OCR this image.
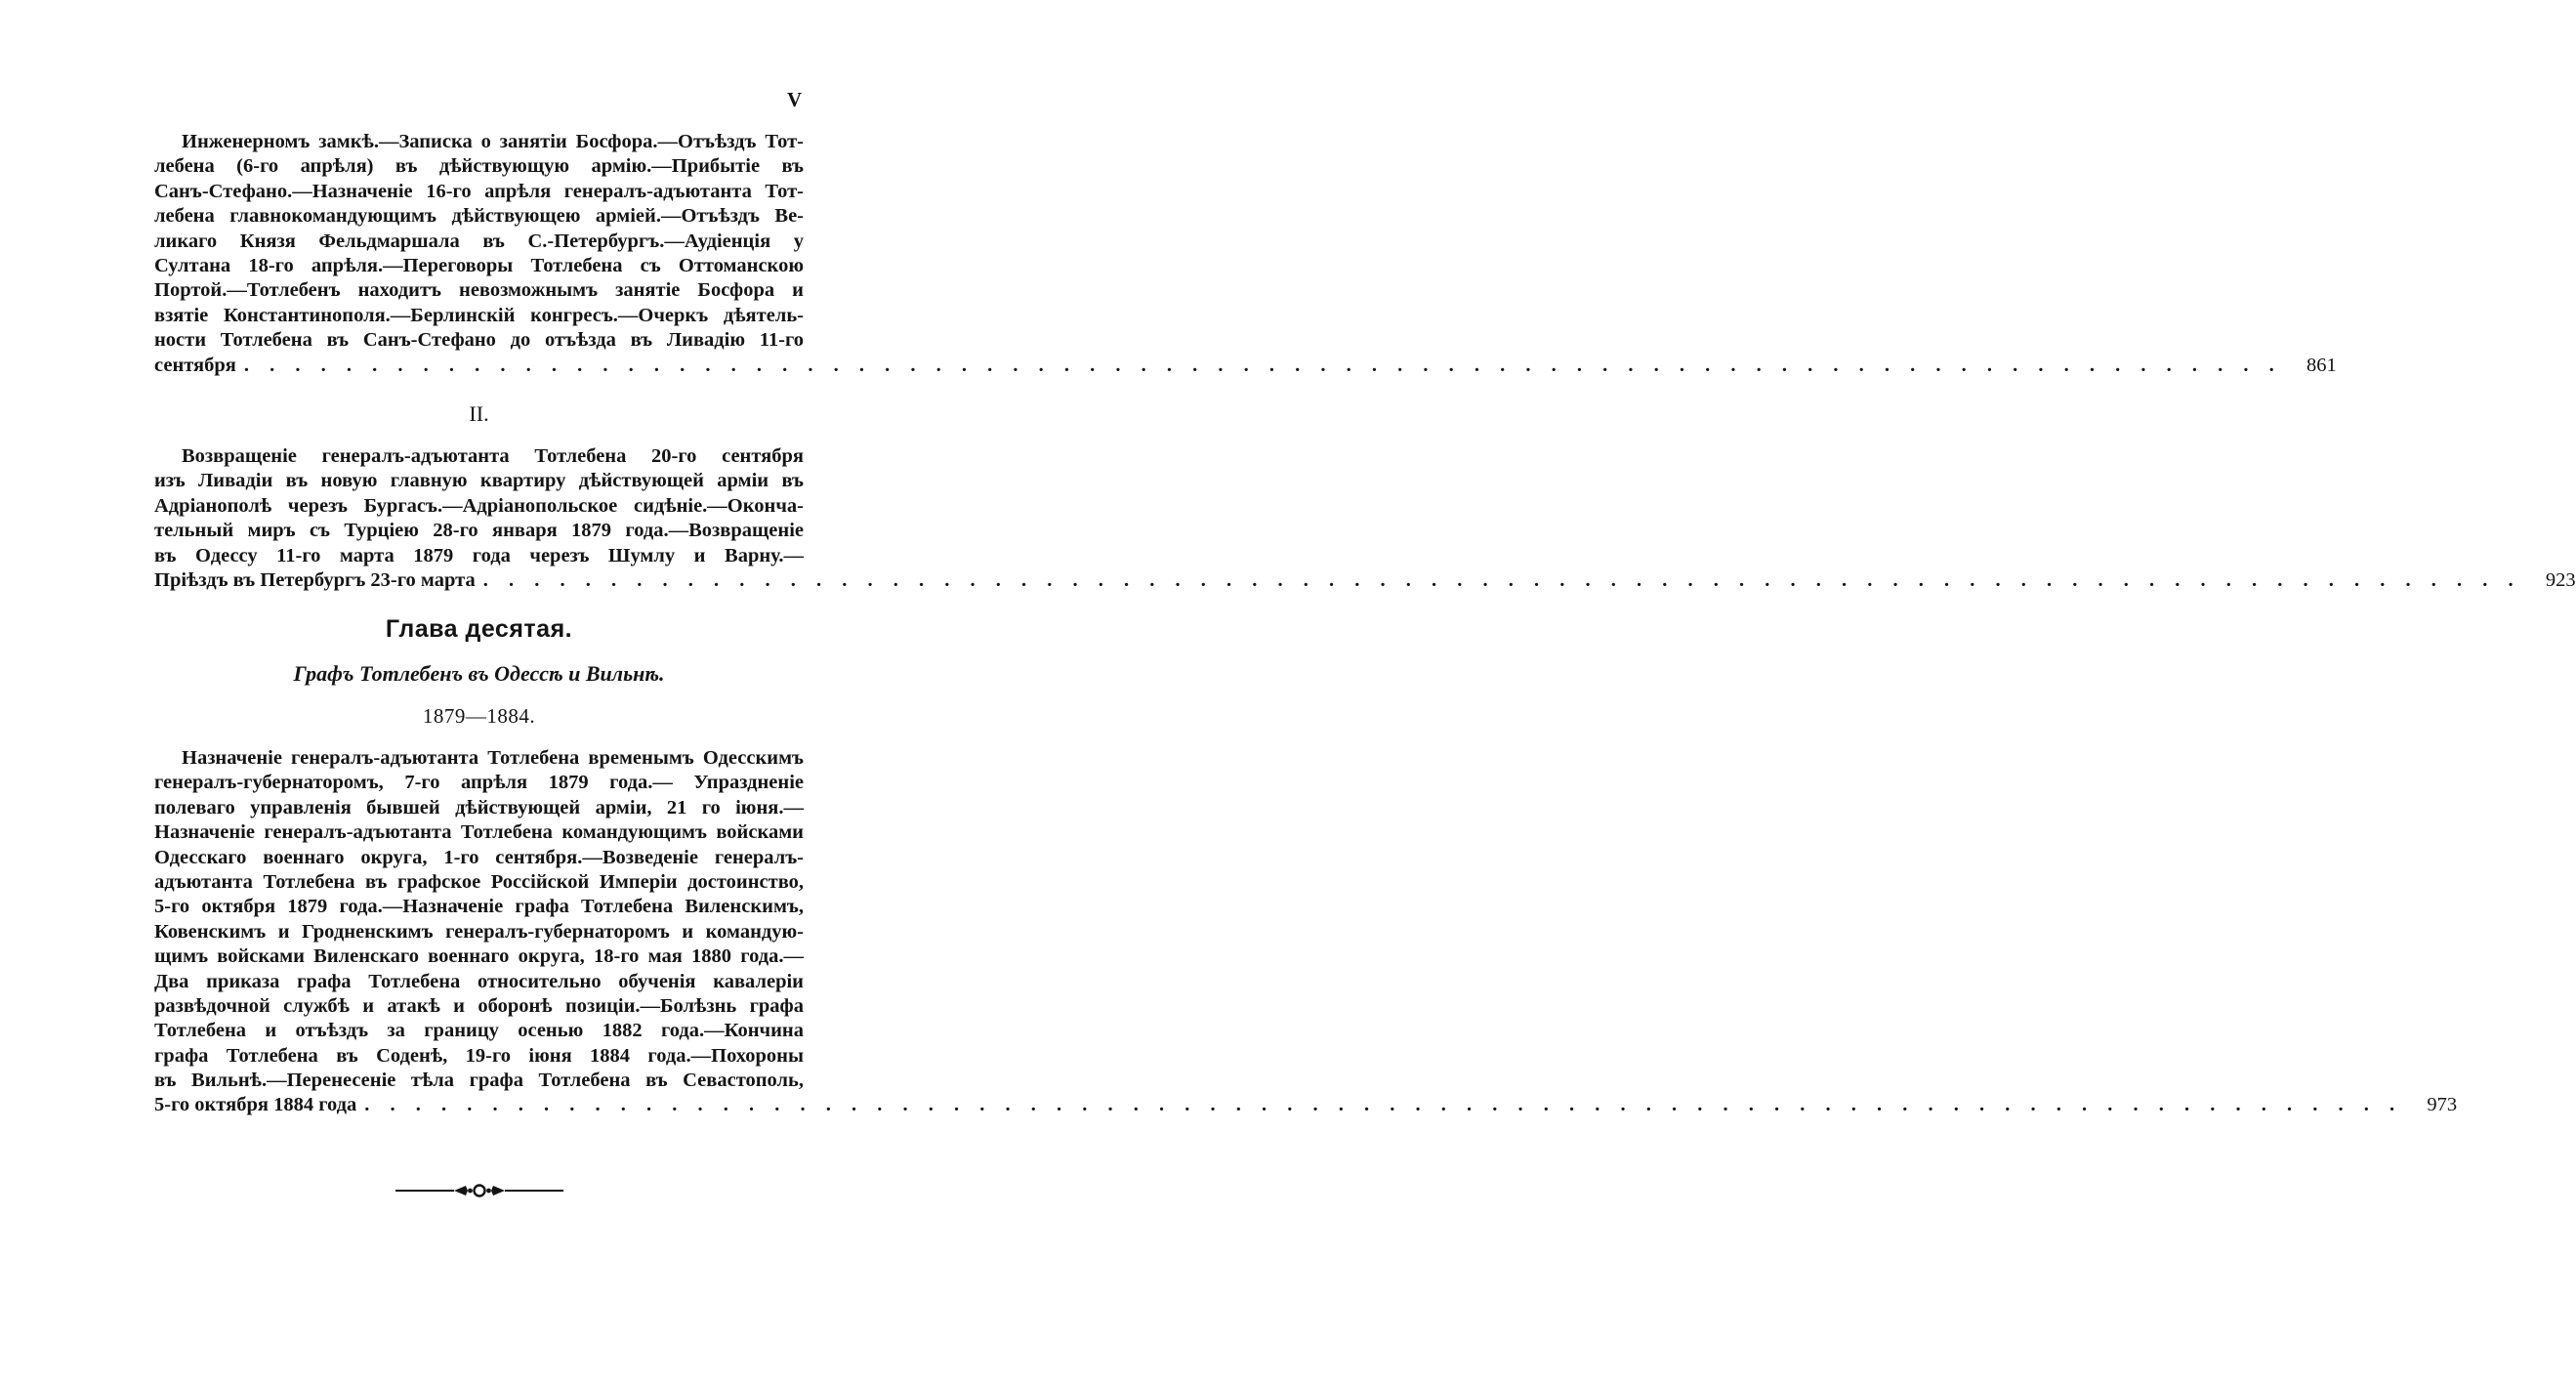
V
Инженерномъ замкѣ.—Записка о занятіи Босфора.—Отъѣздъ Тот-
лебена (6-го апрѣля) въ дѣйствующую армію.—Прибытіе въ
Санъ-Стефано.—Назначеніе 16-го апрѣля генералъ-адъютанта Тот-
лебена главнокомандующимъ дѣйствующею арміей.—Отъѣздъ Ве-
ликаго Князя Фельдмаршала въ С.-Петербургъ.—Аудіенція у
Султана 18-го апрѣля.—Переговоры Тотлебена съ Оттоманскою
Портой.—Тотлебенъ находитъ невозможнымъ занятіе Босфора и
взятіе Константинополя.—Берлинскій конгресъ.—Очеркъ дѣятель-
ности Тотлебена въ Санъ-Стефано до отъѣзда въ Ливадію 11-го
сентября . . . . . . . . . . . . . . . . . . . . . . . . . . . . . . . . . . . . . . . . . . . . . . . . . . . . . . . . . . . . . . . . . . . . . . . . . . . . . . . .	861
II.
Возвращеніе генералъ-адъютанта Тотлебена 20-го сентября
изъ Ливадіи въ новую главную квартиру дѣйствующей арміи въ
Адріанополѣ черезъ Бургасъ.—Адріанопольское сидѣніе.—Оконча-
тельный миръ съ Турціею 28-го января 1879 года.—Возвращеніе
въ Одессу 11-го марта 1879 года черезъ Шумлу и Варну.—
Пріѣздъ въ Петербургъ 23-го марта . . . . . . . . . . . . . . . . . . . . . . . . . . . . . . . . . . . . . . . . . . . . . . . . . . . . . . . . . . . . . . . . . . . . . . . . . . . . . . . .	923
Глава десятая.
Графъ Тотлебенъ въ Одессѣ и Вильнѣ.
1879—1884.
Назначеніе генералъ-адъютанта Тотлебена временымъ Одесскимъ
генералъ-губернаторомъ, 7-го апрѣля 1879 года.— Упраздненіе
полеваго управленія бывшей дѣйствующей арміи, 21 го іюня.—
Назначеніе генералъ-адъютанта Тотлебена командующимъ войсками
Одесскаго военнаго округа, 1-го сентября.—Возведеніе генералъ-
адъютанта Тотлебена въ графское Россійской Имперіи достоинство,
5-го октября 1879 года.—Назначеніе графа Тотлебена Виленскимъ,
Ковенскимъ и Гродненскимъ генералъ-губернаторомъ и командую-
щимъ войсками Виленскаго военнаго округа, 18-го мая 1880 года.—
Два приказа графа Тотлебена относительно обученія кавалеріи
развѣдочной службѣ и атакѣ и оборонѣ позиціи.—Болѣзнь графа
Тотлебена и отъѣздъ за границу осенью 1882 года.—Кончина
графа Тотлебена въ Соденѣ, 19-го іюня 1884 года.—Похороны
въ Вильнѣ.—Перенесеніе тѣла графа Тотлебена въ Севастополь,
5-го октября 1884 года . . . . . . . . . . . . . . . . . . . . . . . . . . . . . . . . . . . . . . . . . . . . . . . . . . . . . . . . . . . . . . . . . . . . . . . . . . . . . . . .	973
